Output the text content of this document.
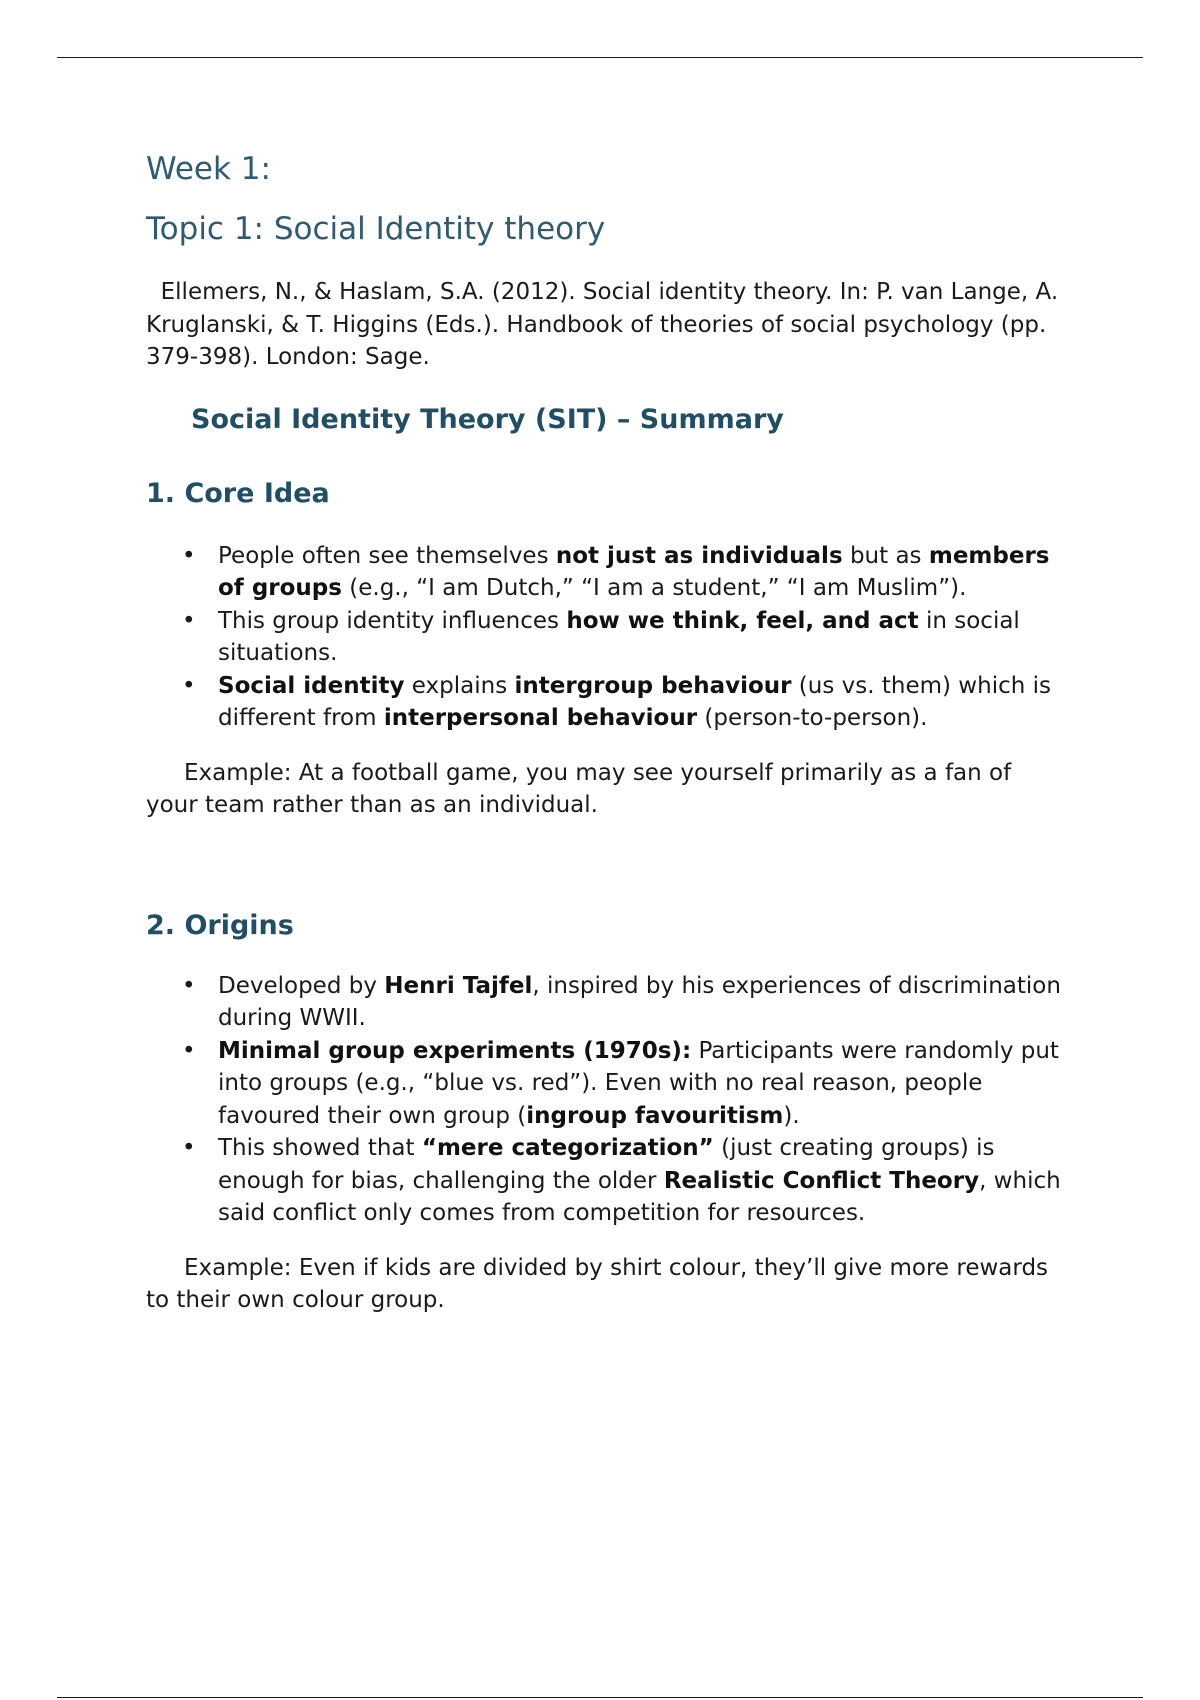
Week 1:
Topic 1: Social Identity theory

Ellemers, N., & Haslam, S.A. (2012). Social identity theory. In: P. van Lange, A. Kruglanski, & T. Higgins (Eds.). Handbook of theories of social psychology (pp. 379-398). London: Sage.

Social Identity Theory (SIT) – Summary
1. Core Idea
• People often see themselves not just as individuals but as members of groups (e.g., “I am Dutch,” “I am a student,” “I am Muslim”).
• This group identity influences how we think, feel, and act in social situations.
• Social identity explains intergroup behaviour (us vs. them) which is different from interpersonal behaviour (person-to-person).

Example: At a football game, you may see yourself primarily as a fan of your team rather than as an individual.

2. Origins
• Developed by Henri Tajfel, inspired by his experiences of discrimination during WWII.
• Minimal group experiments (1970s): Participants were randomly put into groups (e.g., “blue vs. red”). Even with no real reason, people favoured their own group (ingroup favouritism).
• This showed that “mere categorization” (just creating groups) is enough for bias, challenging the older Realistic Conflict Theory, which said conflict only comes from competition for resources.

Example: Even if kids are divided by shirt colour, they’ll give more rewards to their own colour group.
